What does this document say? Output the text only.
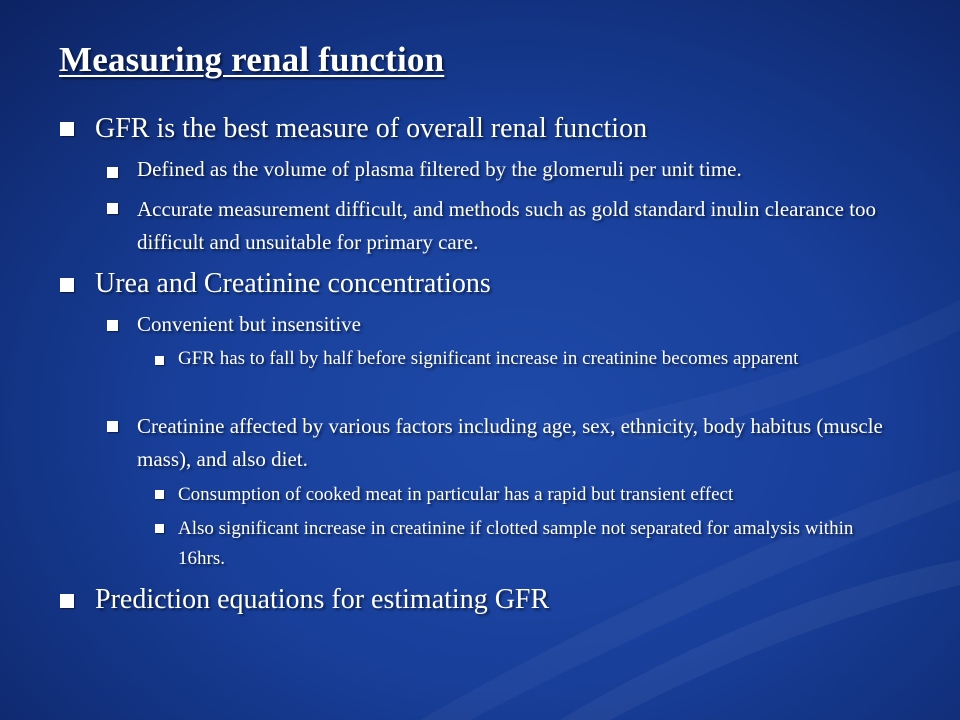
Measuring renal function

GFR is the best measure of overall renal function

Defined as the volume of plasma filtered by the glomeruli per unit time.

Accurate measurement difficult, and methods such as gold standard inulin clearance too difficult and unsuitable for primary care.

Urea and Creatinine concentrations

Convenient but insensitive

GFR has to fall by half before significant increase in creatinine becomes apparent

Creatinine affected by various factors including age, sex, ethnicity, body habitus (muscle mass), and also diet.

Consumption of cooked meat in particular has a rapid but transient effect

Also significant increase in creatinine if clotted sample not separated for amalysis within 16hrs.

Prediction equations for estimating GFR
